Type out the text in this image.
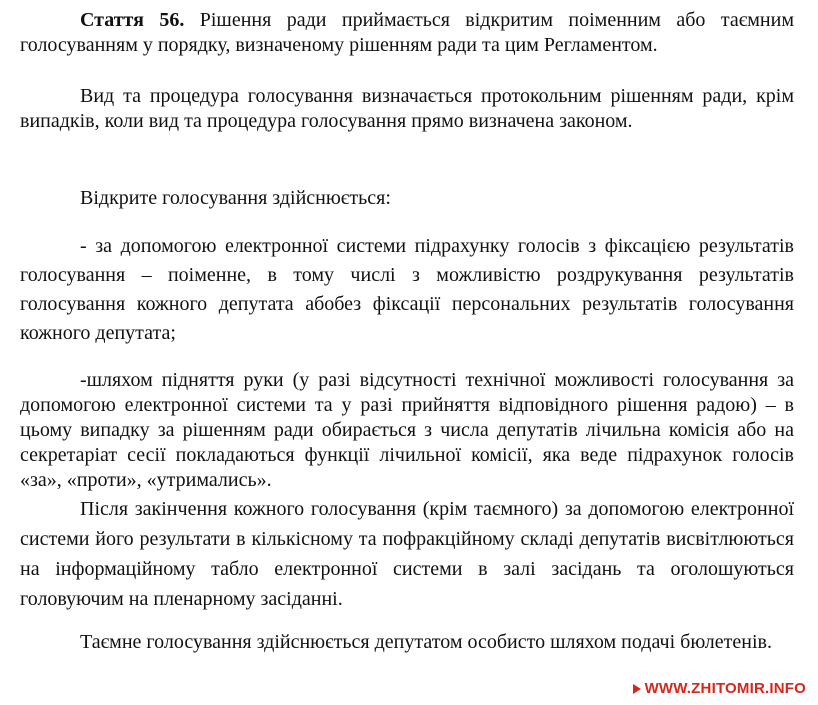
Стаття 56. Рішення ради приймається відкритим поіменним або таємним голосуванням у порядку, визначеному рішенням ради та цим Регламентом.

Вид та процедура голосування визначається протокольним рішенням ради, крім випадків, коли вид та процедура голосування прямо визначена законом.

Відкрите голосування здійснюється:

- за допомогою електронної системи підрахунку голосів з фіксацією результатів голосування – поіменне, в тому числі з можливістю роздрукування результатів голосування кожного депутата абобез фіксації персональних результатів голосування кожного депутата;

-шляхом підняття руки (у разі відсутності технічної можливості голосування за допомогою електронної системи та у разі прийняття відповідного рішення радою) – в цьому випадку за рішенням ради обирається з числа депутатів лічильна комісія або на секретаріат сесії покладаються функції лічильної комісії, яка веде підрахунок голосів «за», «проти», «утримались».

Після закінчення кожного голосування (крім таємного) за допомогою електронної системи його результати в кількісному та пофракційному складі депутатів висвітлюються на інформаційному табло електронної системи в залі засідань та оголошуються головуючим на пленарному засіданні.

Таємне голосування здійснюється депутатом особисто шляхом подачі бюлетенів.

WWW.ZHITOMIR.INFO
